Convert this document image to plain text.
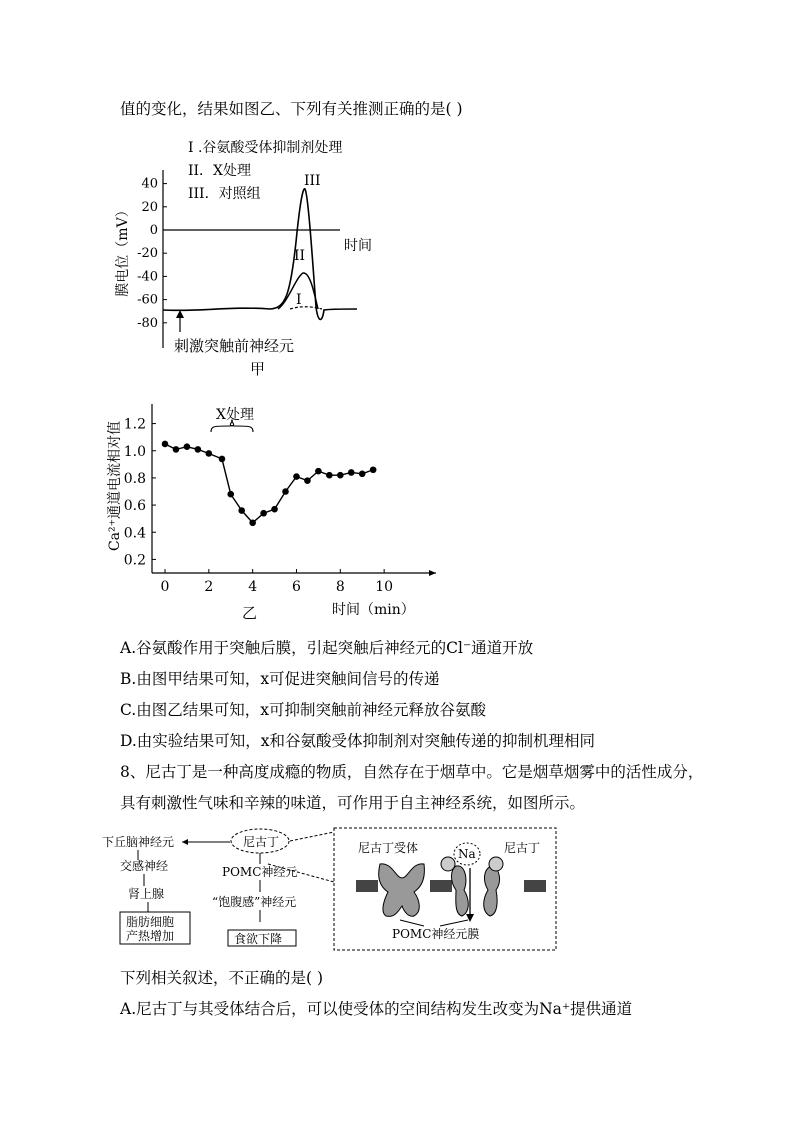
值的变化，结果如图乙、下列有关推测正确的是( )
I .谷氨酸受体抑制剂处理
II．X处理
III．对照组
40
20
0
-20
-40
-60
-80
膜电位（mV）	时间
III
II
I
刺激突触前神经元
甲
0.2
0.4
0.6
0.8
1.0
1.2
0 2 4 6 8 10
Ca²⁺通道电流相对值
时间（min）
乙
X处理
A.谷氨酸作用于突触后膜，引起突触后神经元的Cl⁻通道开放
B.由图甲结果可知，x可促进突触间信号的传递
C.由图乙结果可知，x可抑制突触前神经元释放谷氨酸
D.由实验结果可知，x和谷氨酸受体抑制剂对突触传递的抑制机理相同
8、尼古丁是一种高度成瘾的物质，自然存在于烟草中。它是烟草烟雾中的活性成分，
具有刺激性气味和辛辣的味道，可作用于自主神经系统，如图所示。
下丘脑神经元	尼古丁
交感神经
肾上腺
脂肪细胞
产热增加
POMC神经元
“饱腹感”神经元
食欲下降
尼古丁受体	Na 尼古丁
POMC神经元膜
下列相关叙述，不正确的是( )
A.尼古丁与其受体结合后，可以使受体的空间结构发生改变为Na⁺提供通道
